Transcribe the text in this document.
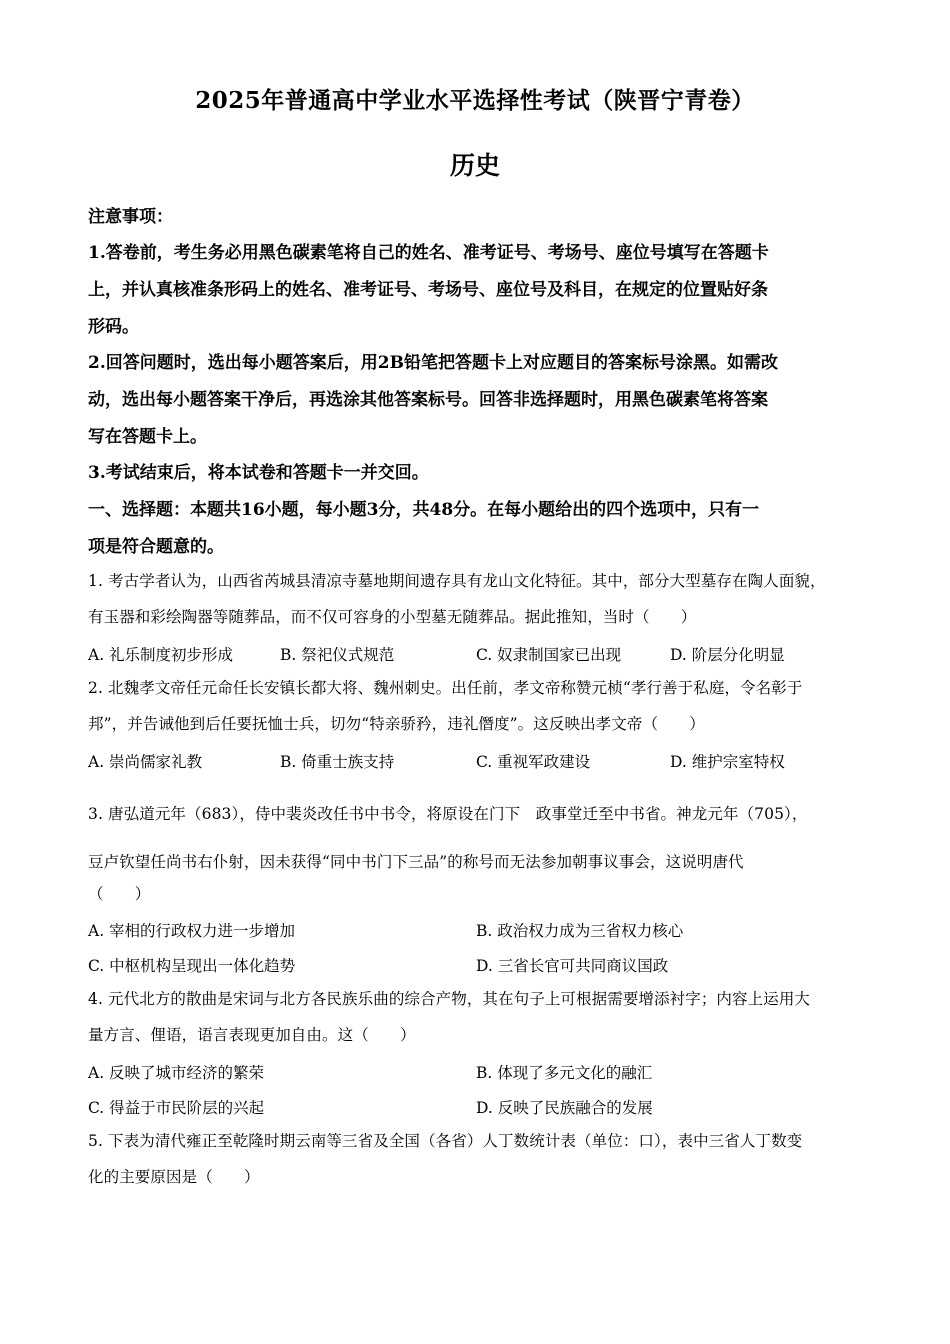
2025年普通高中学业水平选择性考试（陕晋宁青卷）
历史
注意事项：
1.答卷前，考生务必用黑色碳素笔将自己的姓名、准考证号、考场号、座位号填写在答题卡
上，并认真核准条形码上的姓名、准考证号、考场号、座位号及科目，在规定的位置贴好条
形码。
2.回答问题时，选出每小题答案后，用2B铅笔把答题卡上对应题目的答案标号涂黑。如需改
动，选出每小题答案干净后，再选涂其他答案标号。回答非选择题时，用黑色碳素笔将答案
写在答题卡上。
3.考试结束后，将本试卷和答题卡一并交回。
一、选择题：本题共16小题，每小题3分，共48分。在每小题给出的四个选项中，只有一
项是符合题意的。
1. 考古学者认为，山西省芮城县清凉寺墓地期间遗存具有龙山文化特征。其中，部分大型墓存在陶人面貌，
有玉器和彩绘陶器等随葬品，而不仅可容身的小型墓无随葬品。据此推知，当时（　　）
A. 礼乐制度初步形成	B. 祭祀仪式规范	C. 奴隶制国家已出现	D. 阶层分化明显
2. 北魏孝文帝任元命任长安镇长都大将、魏州刺史。出任前，孝文帝称赞元桢“孝行善于私庭，令名彰于
邦”，并告诫他到后任要抚恤士兵，切勿“特亲骄矜，违礼僭度”。这反映出孝文帝（　　）
A. 崇尚儒家礼教	B. 倚重士族支持	C. 重视军政建设	D. 维护宗室特权
3. 唐弘道元年（683），侍中裴炎改任书中书令，将原设在门下　政事堂迁至中书省。神龙元年（705），
豆卢钦望任尚书右仆射，因未获得“同中书门下三品”的称号而无法参加朝事议事会，这说明唐代
（　　）
A. 宰相的行政权力进一步增加	B. 政治权力成为三省权力核心
C. 中枢机构呈现出一体化趋势	D. 三省长官可共同商议国政
4. 元代北方的散曲是宋词与北方各民族乐曲的综合产物，其在句子上可根据需要增添衬字；内容上运用大
量方言、俚语，语言表现更加自由。这（　　）
A. 反映了城市经济的繁荣	B. 体现了多元文化的融汇
C. 得益于市民阶层的兴起	D. 反映了民族融合的发展
5. 下表为清代雍正至乾隆时期云南等三省及全国（各省）人丁数统计表（单位：口），表中三省人丁数变
化的主要原因是（　　）
